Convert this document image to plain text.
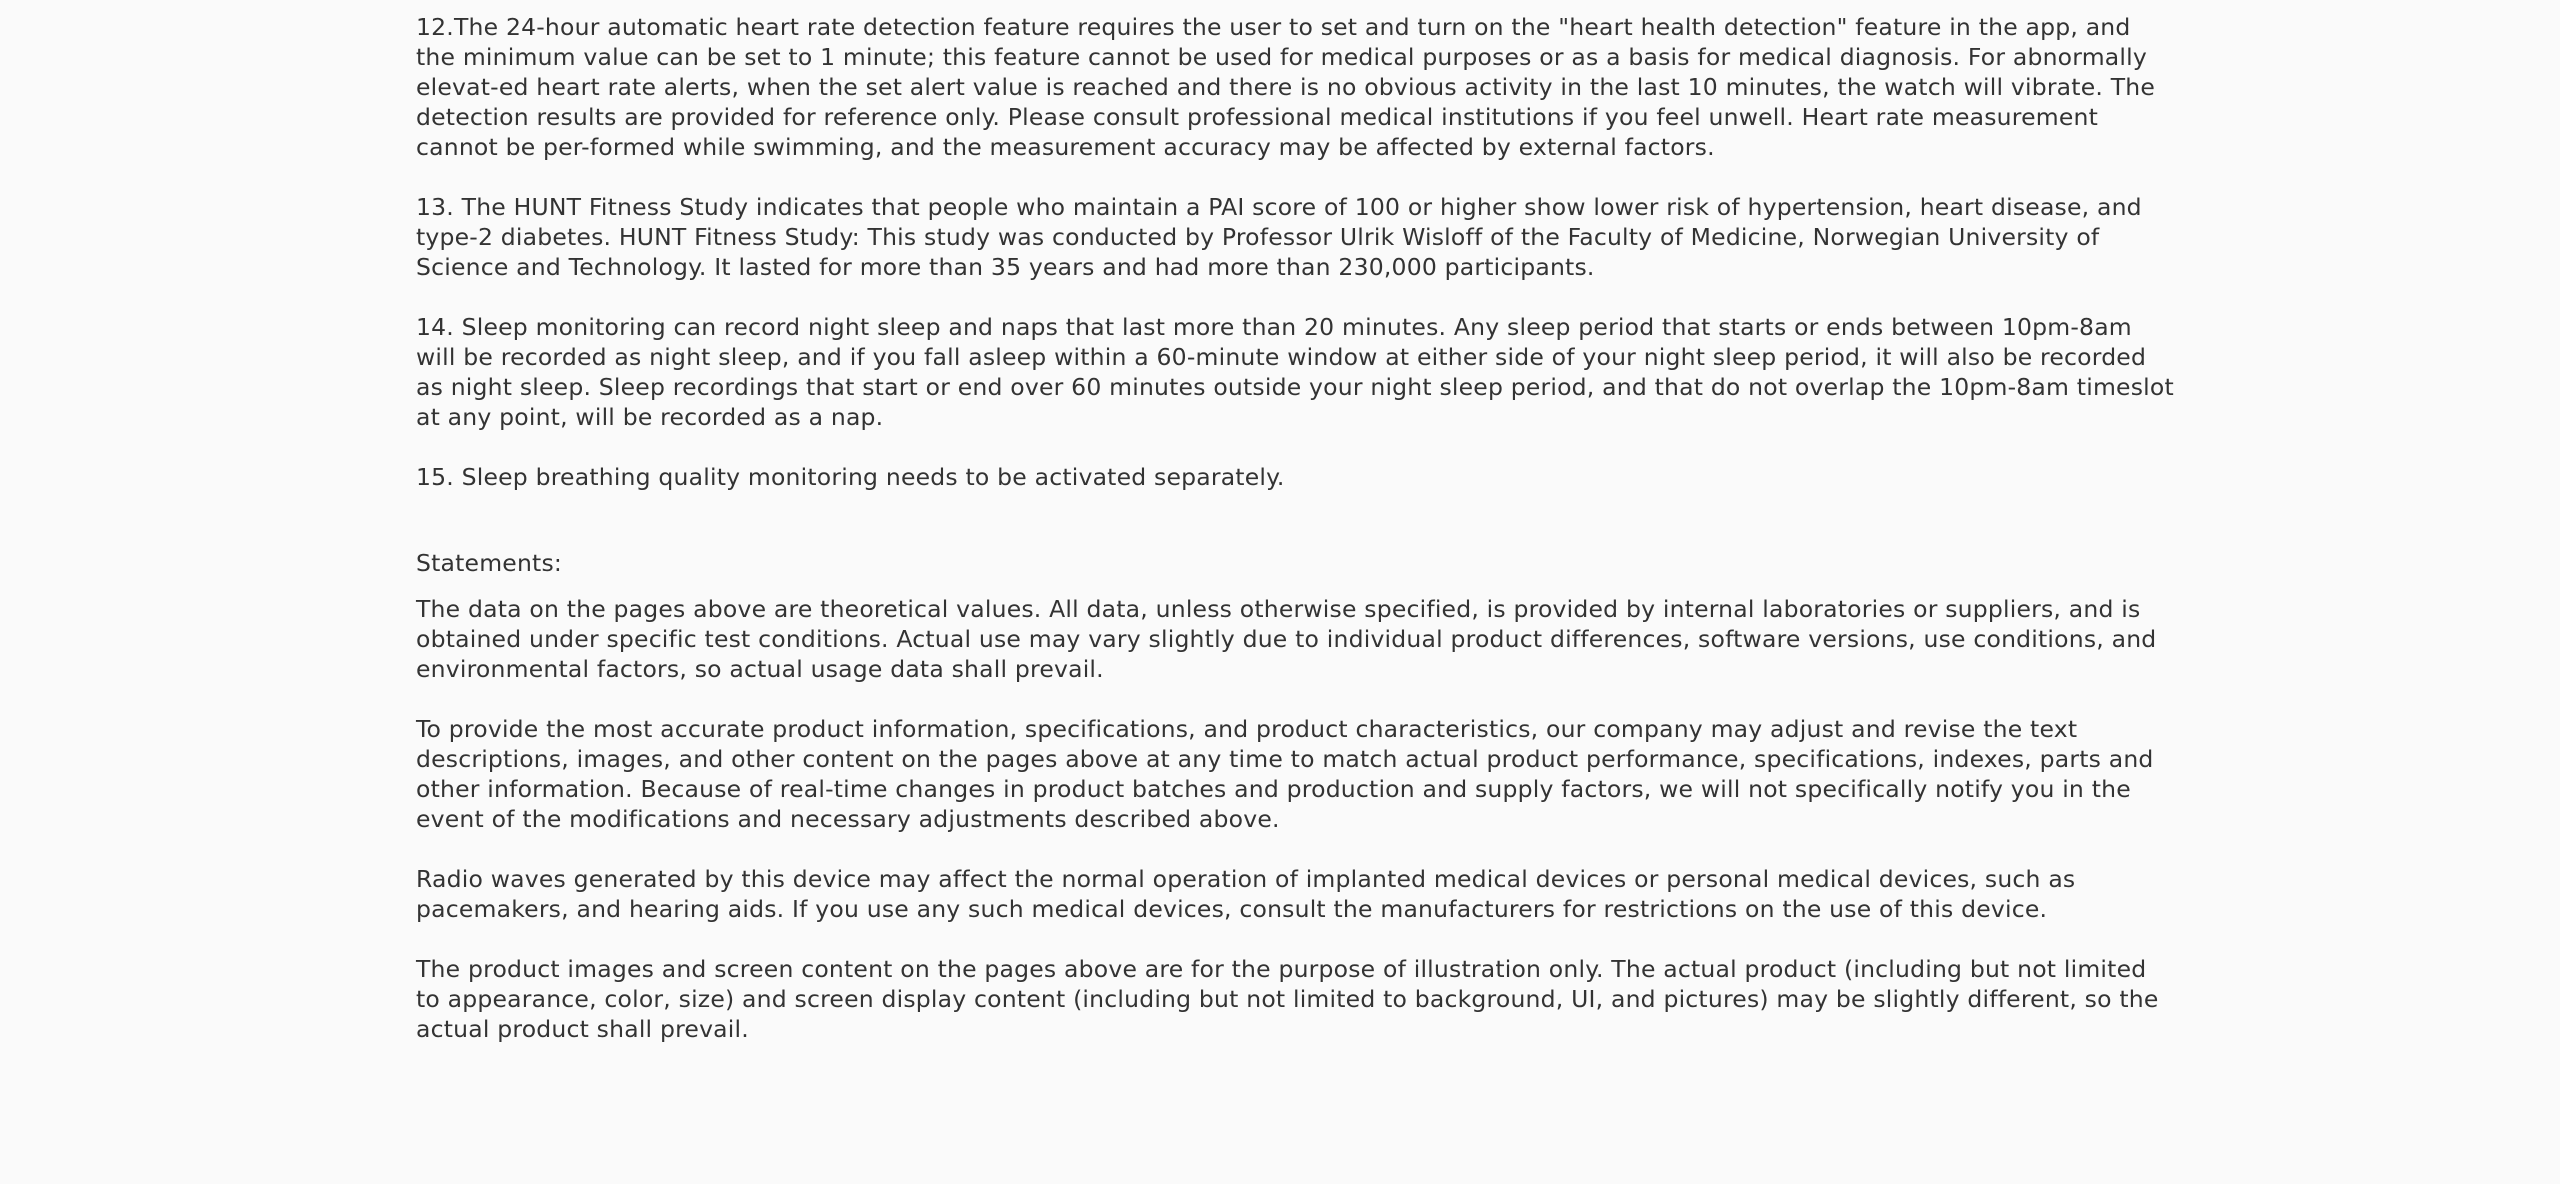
12.The 24-hour automatic heart rate detection feature requires the user to set and turn on the "heart health detection" feature in the app, and the minimum value can be set to 1 minute; this feature cannot be used for medical purposes or as a basis for medical diagnosis. For abnormally elevat-ed heart rate alerts, when the set alert value is reached and there is no obvious activity in the last 10 minutes, the watch will vibrate. The detection results are provided for reference only. Please consult professional medical institutions if you feel unwell. Heart rate measurement cannot be per-formed while swimming, and the measurement accuracy may be affected by external factors.

13. The HUNT Fitness Study indicates that people who maintain a PAI score of 100 or higher show lower risk of hypertension, heart disease, and type-2 diabetes. HUNT Fitness Study: This study was conducted by Professor Ulrik Wisloff of the Faculty of Medicine, Norwegian University of Science and Technology. It lasted for more than 35 years and had more than 230,000 participants.

14. Sleep monitoring can record night sleep and naps that last more than 20 minutes. Any sleep period that starts or ends between 10pm-8am will be recorded as night sleep, and if you fall asleep within a 60-minute window at either side of your night sleep period, it will also be recorded as night sleep. Sleep recordings that start or end over 60 minutes outside your night sleep period, and that do not overlap the 10pm-8am timeslot at any point, will be recorded as a nap.

15. Sleep breathing quality monitoring needs to be activated separately.

Statements:

The data on the pages above are theoretical values. All data, unless otherwise specified, is provided by internal laboratories or suppliers, and is obtained under specific test conditions. Actual use may vary slightly due to individual product differences, software versions, use conditions, and environmental factors, so actual usage data shall prevail.

To provide the most accurate product information, specifications, and product characteristics, our company may adjust and revise the text descriptions, images, and other content on the pages above at any time to match actual product performance, specifications, indexes, parts and other information. Because of real-time changes in product batches and production and supply factors, we will not specifically notify you in the event of the modifications and necessary adjustments described above.

Radio waves generated by this device may affect the normal operation of implanted medical devices or personal medical devices, such as pacemakers, and hearing aids. If you use any such medical devices, consult the manufacturers for restrictions on the use of this device.

The product images and screen content on the pages above are for the purpose of illustration only. The actual product (including but not limited to appearance, color, size) and screen display content (including but not limited to background, UI, and pictures) may be slightly different, so the actual product shall prevail.
